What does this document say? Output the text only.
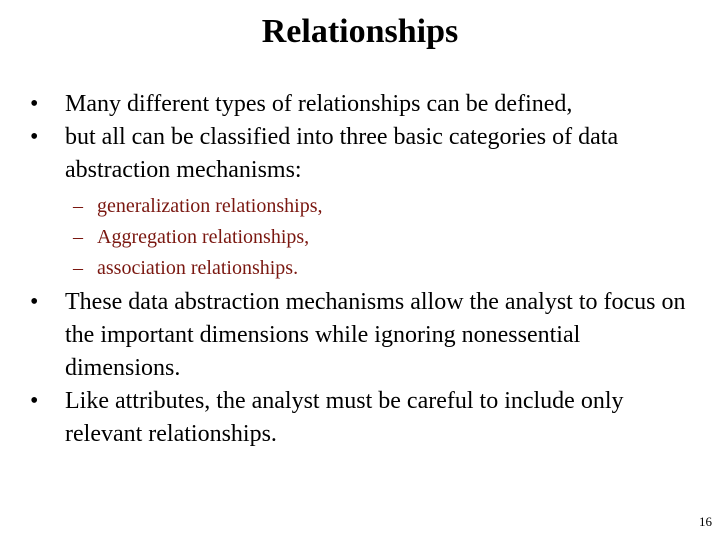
Relationships
•	Many different types of relationships can be defined,
•	but all can be classified into three basic categories of data abstraction mechanisms:
– generalization relationships,
– Aggregation relationships,
– association relationships.
•	These data abstraction mechanisms allow the analyst to focus on the important dimensions while ignoring nonessential dimensions.
•	Like attributes, the analyst must be careful to include only relevant relationships.
16
